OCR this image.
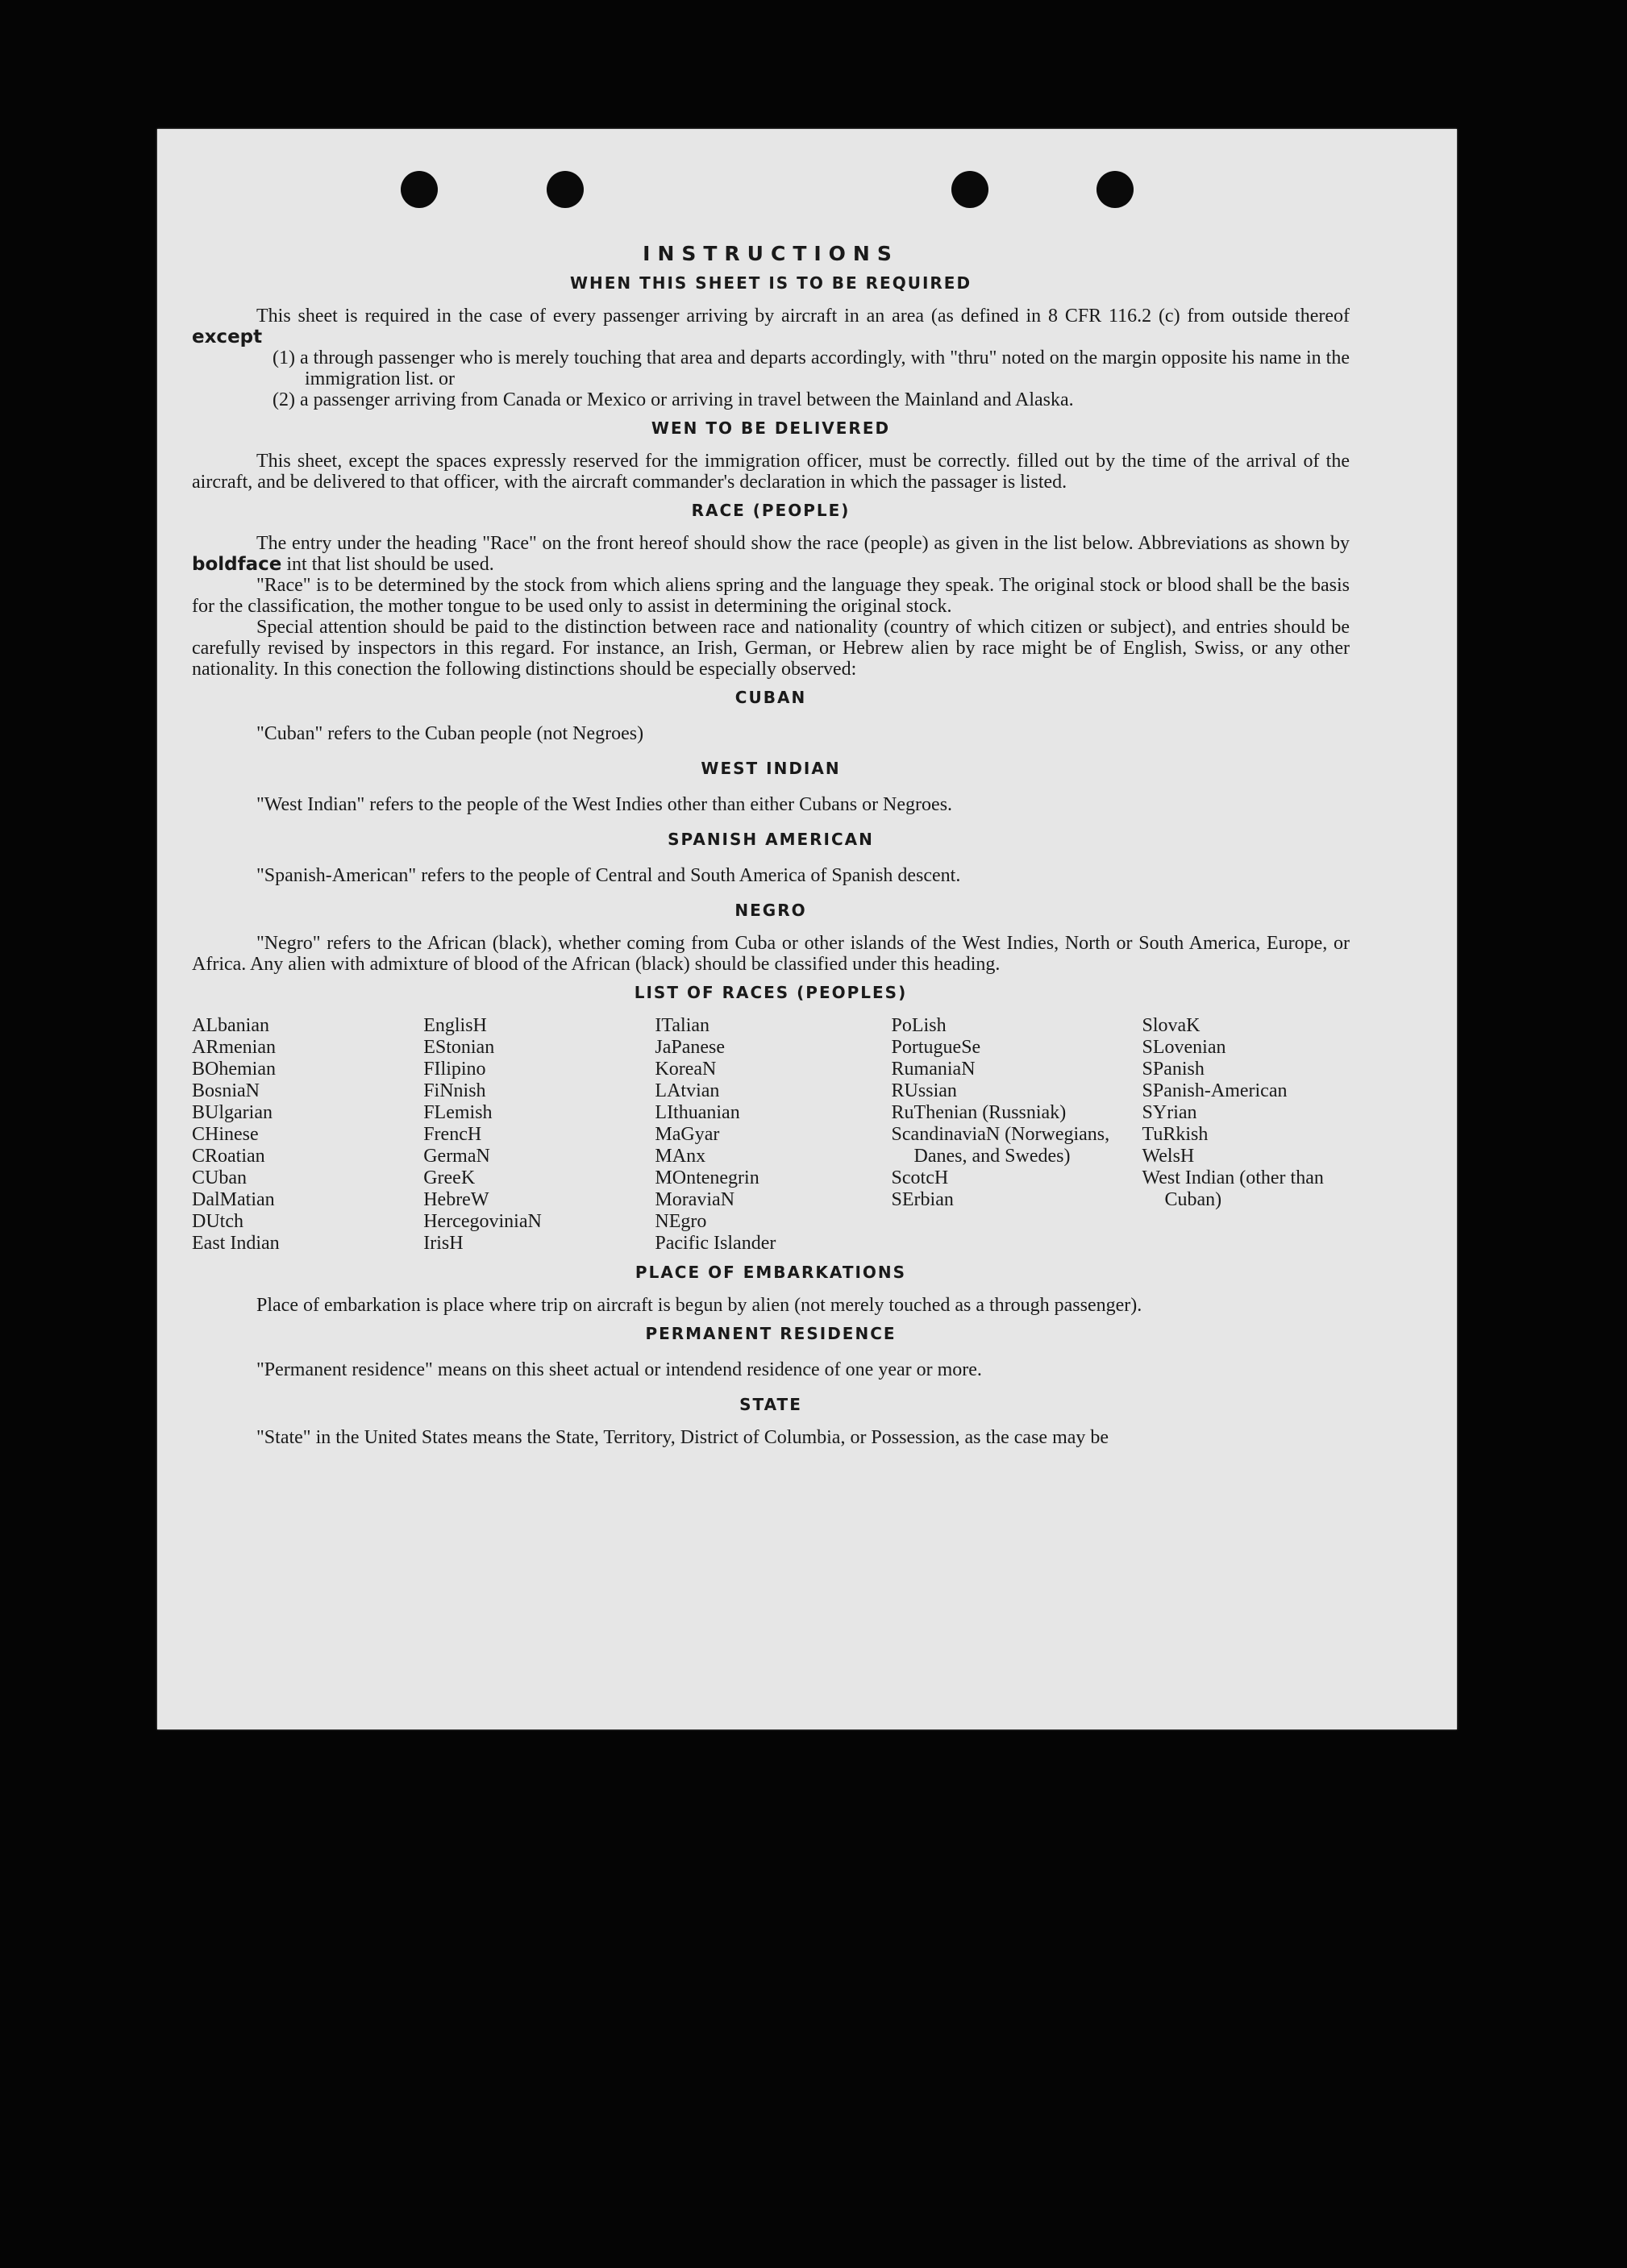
INSTRUCTIONS
WHEN THIS SHEET IS TO BE REQUIRED

This sheet is required in the case of every passenger arriving by aircraft in an area (as defined in 8 CFR 116.2 (c) from outside thereof except

(1) a through passenger who is merely touching that area and departs accordingly, with "thru" noted on the margin opposite his name in the immigration list. or

(2) a passenger arriving from Canada or Mexico or arriving in travel between the Mainland and Alaska.

WEN TO BE DELIVERED

This sheet, except the spaces expressly reserved for the immigration officer, must be correctly. filled out by the time of the arrival of the aircraft, and be delivered to that officer, with the aircraft commander's declaration in which the passager is listed.

RACE (PEOPLE)

The entry under the heading "Race" on the front hereof should show the race (people) as given in the list below. Abbreviations as shown by boldface int that list should be used.

"Race" is to be determined by the stock from which aliens spring and the language they speak. The original stock or blood shall be the basis for the classification, the mother tongue to be used only to assist in determining the original stock.

Special attention should be paid to the distinction between race and nationality (country of which citizen or subject), and entries should be carefully revised by inspectors in this regard. For instance, an Irish, German, or Hebrew alien by race might be of English, Swiss, or any other nationality. In this conection the following distinctions should be especially observed:

CUBAN

"Cuban" refers to the Cuban people (not Negroes)

WEST INDIAN

"West Indian" refers to the people of the West Indies other than either Cubans or Negroes.

SPANISH AMERICAN

"Spanish-American" refers to the people of Central and South America of Spanish descent.

NEGRO

"Negro" refers to the African (black), whether coming from Cuba or other islands of the West Indies, North or South America, Europe, or Africa. Any alien with admixture of blood of the African (black) should be classified under this heading.

LIST OF RACES (PEOPLES)
ALbanian
ARmenian
BOhemian
BosniaN
BUlgarian
CHinese
CRoatian
CUban
DalMatian
DUtch
East Indian
EnglisH
EStonian
FIlipino
FiNnish
FLemish
FrencH
GermaN
GreeK
HebreW
HercegoviniaN
IrisH
ITalian
JaPanese
KoreaN
LAtvian
LIthuanian
MaGyar
MAnx
MOntenegrin
MoraviaN
NEgro
Pacific Islander
PoLish
PortugueSe
RumaniaN
RUssian
RuThenian (Russniak)
ScandinaviaN (Norwegians, Danes, and Swedes)
ScotcH
SErbian
SlovaK
SLovenian
SPanish
SPanish-American
SYrian
TuRkish
WelsH
West Indian (other than Cuban)
PLACE OF EMBARKATIONS

Place of embarkation is place where trip on aircraft is begun by alien (not merely touched as a through passenger).

PERMANENT RESIDENCE

"Permanent residence" means on this sheet actual or intendend residence of one year or more.

STATE

"State" in the United States means the State, Territory, District of Columbia, or Possession, as the case may be
